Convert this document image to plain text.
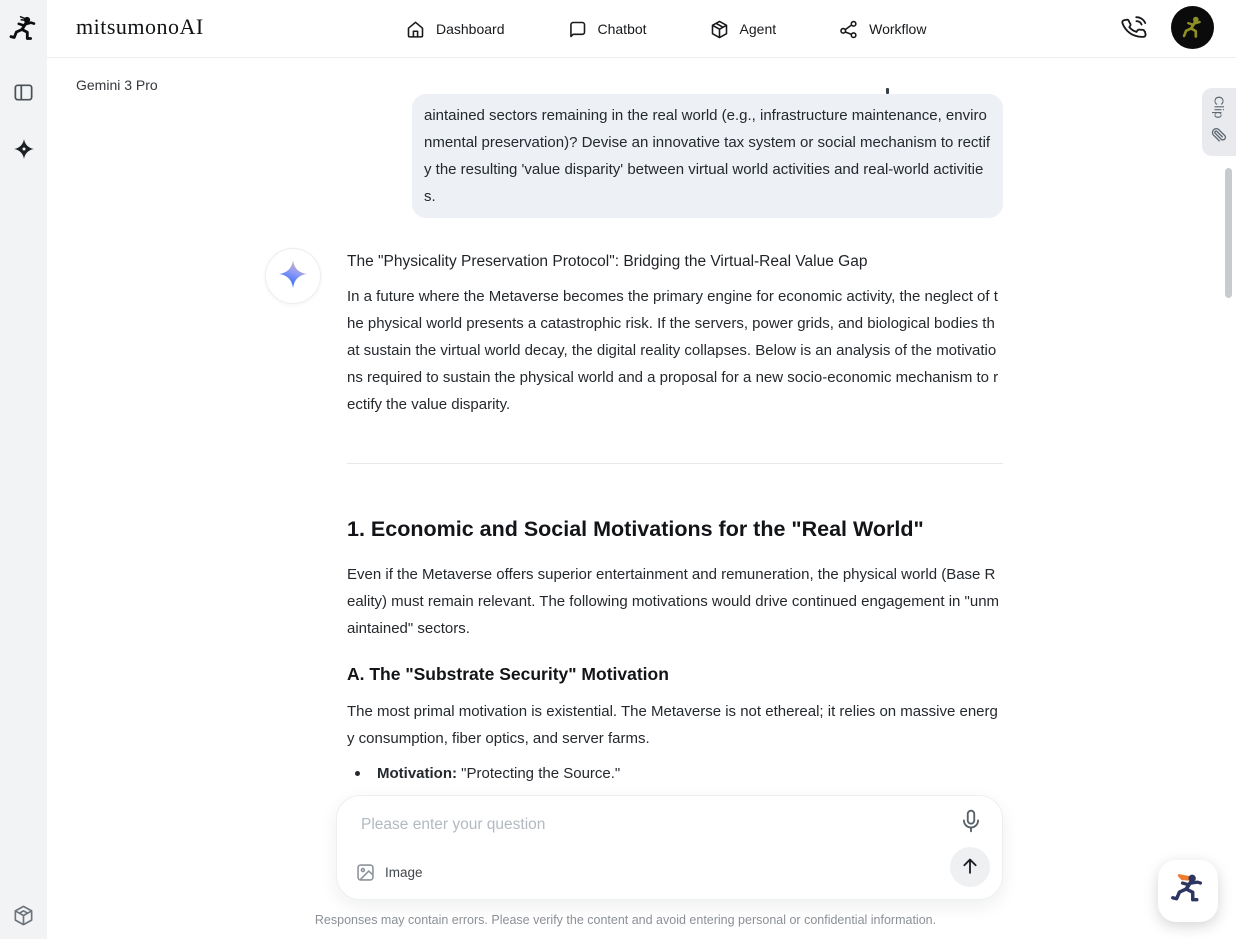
mitsumonoAI	Dashboard	Chatbot	Agent	Workflow
Gemini 3 Pro
Clip
aintained sectors remaining in the real world (e.g., infrastructure maintenance, environmental preservation)? Devise an innovative tax system or social mechanism to rectify the resulting 'value disparity' between virtual world activities and real-world activities.
The "Physicality Preservation Protocol": Bridging the Virtual-Real Value Gap
In a future where the Metaverse becomes the primary engine for economic activity, the neglect of the physical world presents a catastrophic risk. If the servers, power grids, and biological bodies that sustain the virtual world decay, the digital reality collapses. Below is an analysis of the motivations required to sustain the physical world and a proposal for a new socio-economic mechanism to rectify the value disparity.
1. Economic and Social Motivations for the "Real World"
Even if the Metaverse offers superior entertainment and remuneration, the physical world (Base Reality) must remain relevant. The following motivations would drive continued engagement in "unmaintained" sectors.
A. The "Substrate Security" Motivation
The most primal motivation is existential. The Metaverse is not ethereal; it relies on massive energy consumption, fiber optics, and server farms.
Motivation: "Protecting the Source."
Please enter your question
Image
Responses may contain errors. Please verify the content and avoid entering personal or confidential information.
